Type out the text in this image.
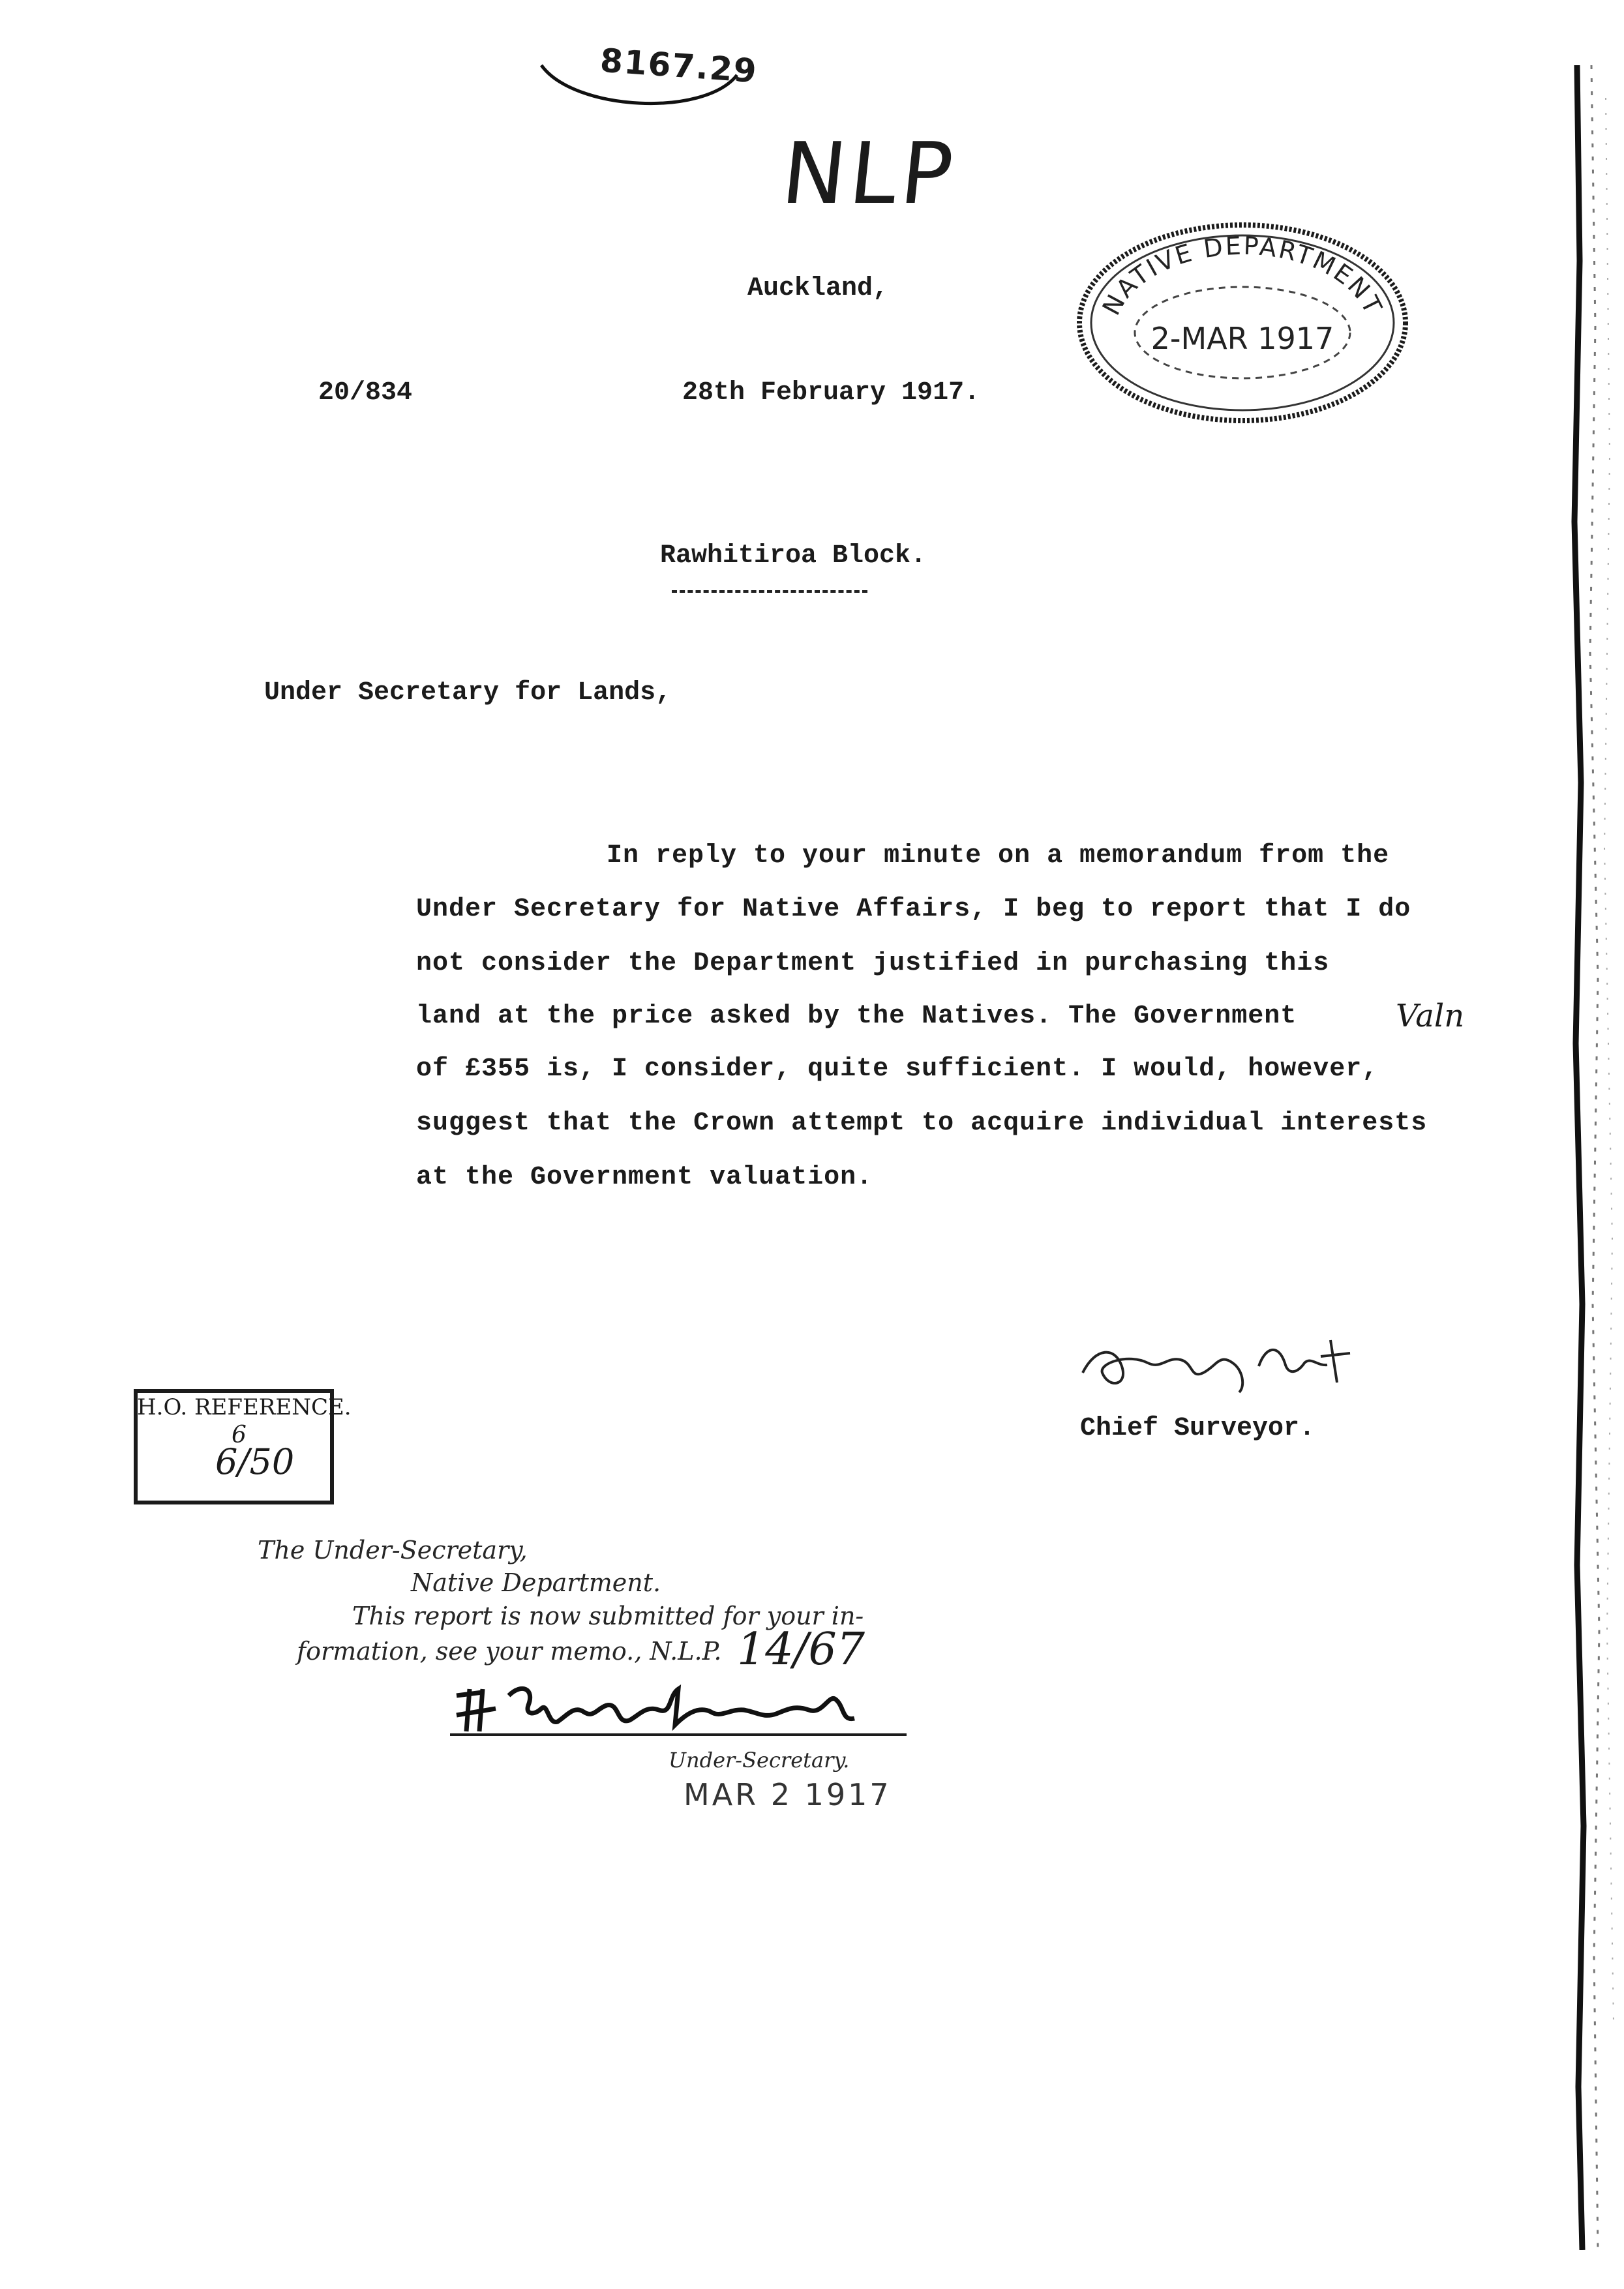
8167.29
NLP
Auckland,
20/834	28th February 1917.
NATIVE DEPARTMENT
2-MAR 1917
Rawhitiroa Block.
Under Secretary for Lands,
In reply to your minute on a memorandum from the
Under Secretary for Native Affairs, I beg to report that I do
not consider the Department justified in purchasing this
land at the price asked by the Natives. The Government
of £355 is, I consider, quite sufficient. I would, however,
suggest that the Crown attempt to acquire individual interests
at the Government valuation.
Valn
Chief Surveyor.
H.O. REFERENCE.
6
6/50
The Under-Secretary,
Native Department.
This report is now submitted for your in-
formation, see your memo., N.L.P. 14/67
Under-Secretary.
MAR 2 1917
